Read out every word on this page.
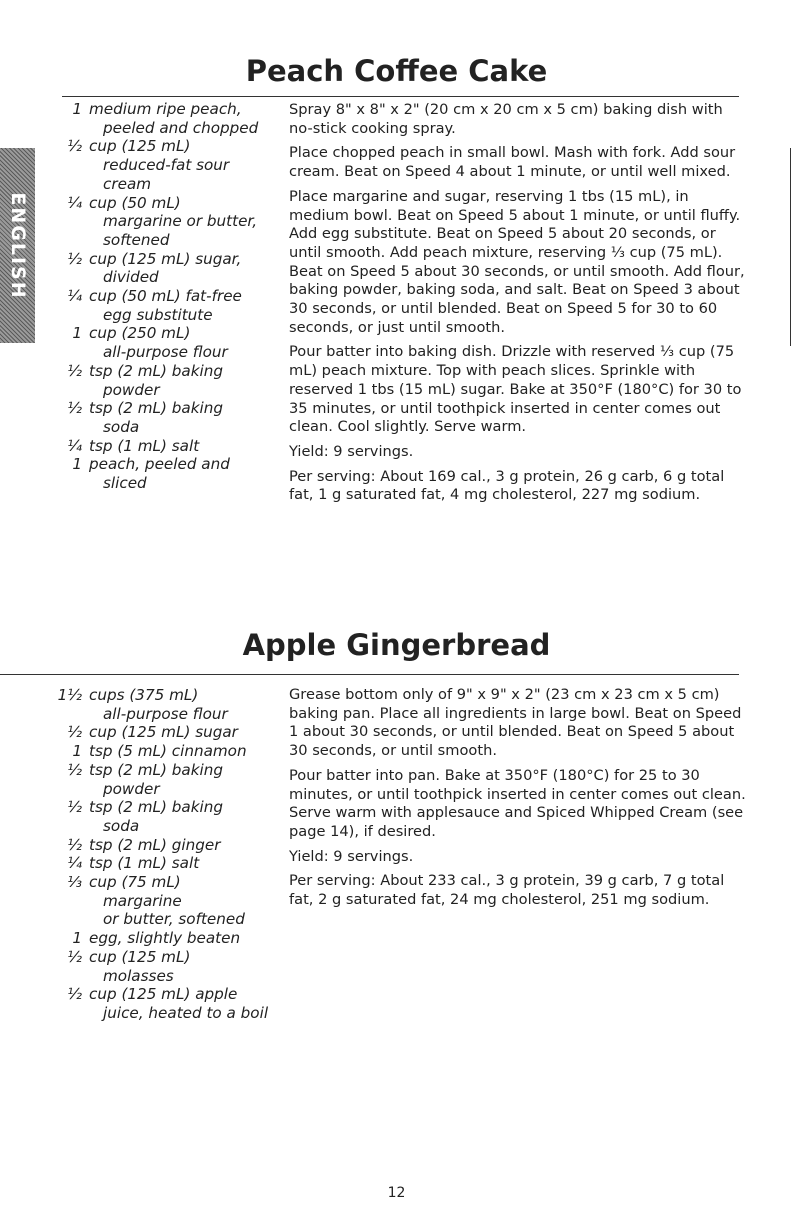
ENGLISH
Peach Coffee Cake
1 medium ripe peach,
peeled and chopped
½ cup (125 mL)
reduced-fat sour
cream
¼ cup (50 mL)
margarine or butter,
softened
½ cup (125 mL) sugar,
divided
¼ cup (50 mL) fat-free
egg substitute
1 cup (250 mL)
all-purpose flour
½ tsp (2 mL) baking
powder
½ tsp (2 mL) baking
soda
¼ tsp (1 mL) salt
1 peach, peeled and
sliced

Spray 8" x 8" x 2" (20 cm x 20 cm x 5 cm) baking dish with no-stick cooking spray.

Place chopped peach in small bowl. Mash with fork. Add sour cream. Beat on Speed 4 about 1 minute, or until well mixed.

Place margarine and sugar, reserving 1 tbs (15 mL), in medium bowl. Beat on Speed 5 about 1 minute, or until fluffy. Add egg substitute. Beat on Speed 5 about 20 seconds, or until smooth. Add peach mixture, reserving ⅓ cup (75 mL). Beat on Speed 5 about 30 seconds, or until smooth. Add flour, baking powder, baking soda, and salt. Beat on Speed 3 about 30 seconds, or until blended. Beat on Speed 5 for 30 to 60 seconds, or just until smooth.

Pour batter into baking dish. Drizzle with reserved ⅓ cup (75 mL) peach mixture. Top with peach slices. Sprinkle with reserved 1 tbs (15 mL) sugar. Bake at 350°F (180°C) for 30 to 35 minutes, or until toothpick inserted in center comes out clean. Cool slightly. Serve warm.

Yield: 9 servings.

Per serving: About 169 cal., 3 g protein, 26 g carb, 6 g total fat, 1 g saturated fat, 4 mg cholesterol, 227 mg sodium.

Apple Gingerbread
1½ cups (375 mL)
all-purpose flour
½ cup (125 mL) sugar
1 tsp (5 mL) cinnamon
½ tsp (2 mL) baking
powder
½ tsp (2 mL) baking
soda
½ tsp (2 mL) ginger
¼ tsp (1 mL) salt
⅓ cup (75 mL)
margarine
or butter, softened
1 egg, slightly beaten
½ cup (125 mL)
molasses
½ cup (125 mL) apple
juice, heated to a boil

Grease bottom only of 9" x 9" x 2" (23 cm x 23 cm x 5 cm) baking pan. Place all ingredients in large bowl. Beat on Speed 1 about 30 seconds, or until blended. Beat on Speed 5 about 30 seconds, or until smooth.

Pour batter into pan. Bake at 350°F (180°C) for 25 to 30 minutes, or until toothpick inserted in center comes out clean. Serve warm with applesauce and Spiced Whipped Cream (see page 14), if desired.

Yield: 9 servings.

Per serving: About 233 cal., 3 g protein, 39 g carb, 7 g total fat, 2 g saturated fat, 24 mg cholesterol, 251 mg sodium.

12
